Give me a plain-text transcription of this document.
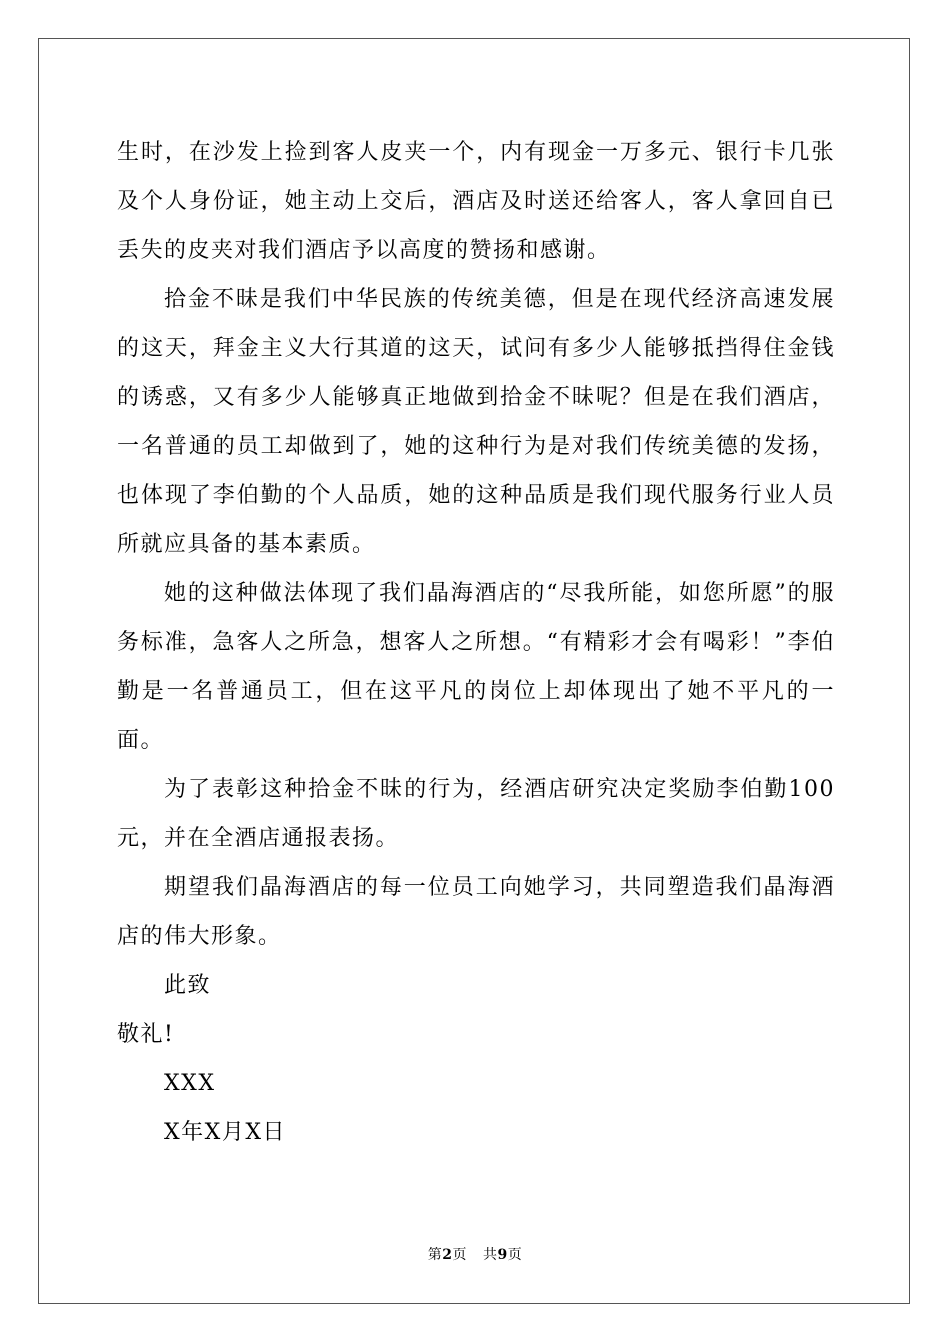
生时，在沙发上捡到客人皮夹一个，内有现金一万多元、银行卡几张及个人身份证，她主动上交后，酒店及时送还给客人，客人拿回自已丢失的皮夹对我们酒店予以高度的赞扬和感谢。

拾金不昧是我们中华民族的传统美德，但是在现代经济高速发展的这天，拜金主义大行其道的这天，试问有多少人能够抵挡得住金钱的诱惑，又有多少人能够真正地做到拾金不昧呢？但是在我们酒店，一名普通的员工却做到了，她的这种行为是对我们传统美德的发扬，也体现了李伯勤的个人品质，她的这种品质是我们现代服务行业人员所就应具备的基本素质。

她的这种做法体现了我们晶海酒店的“尽我所能，如您所愿”的服务标准，急客人之所急，想客人之所想。“有精彩才会有喝彩！”李伯勤是一名普通员工，但在这平凡的岗位上却体现出了她不平凡的一面。

为了表彰这种拾金不昧的行为，经酒店研究决定奖励李伯勤100元，并在全酒店通报表扬。

期望我们晶海酒店的每一位员工向她学习，共同塑造我们晶海酒店的伟大形象。

此致

敬礼!

XXX

X年X月X日

第2页 共9页
